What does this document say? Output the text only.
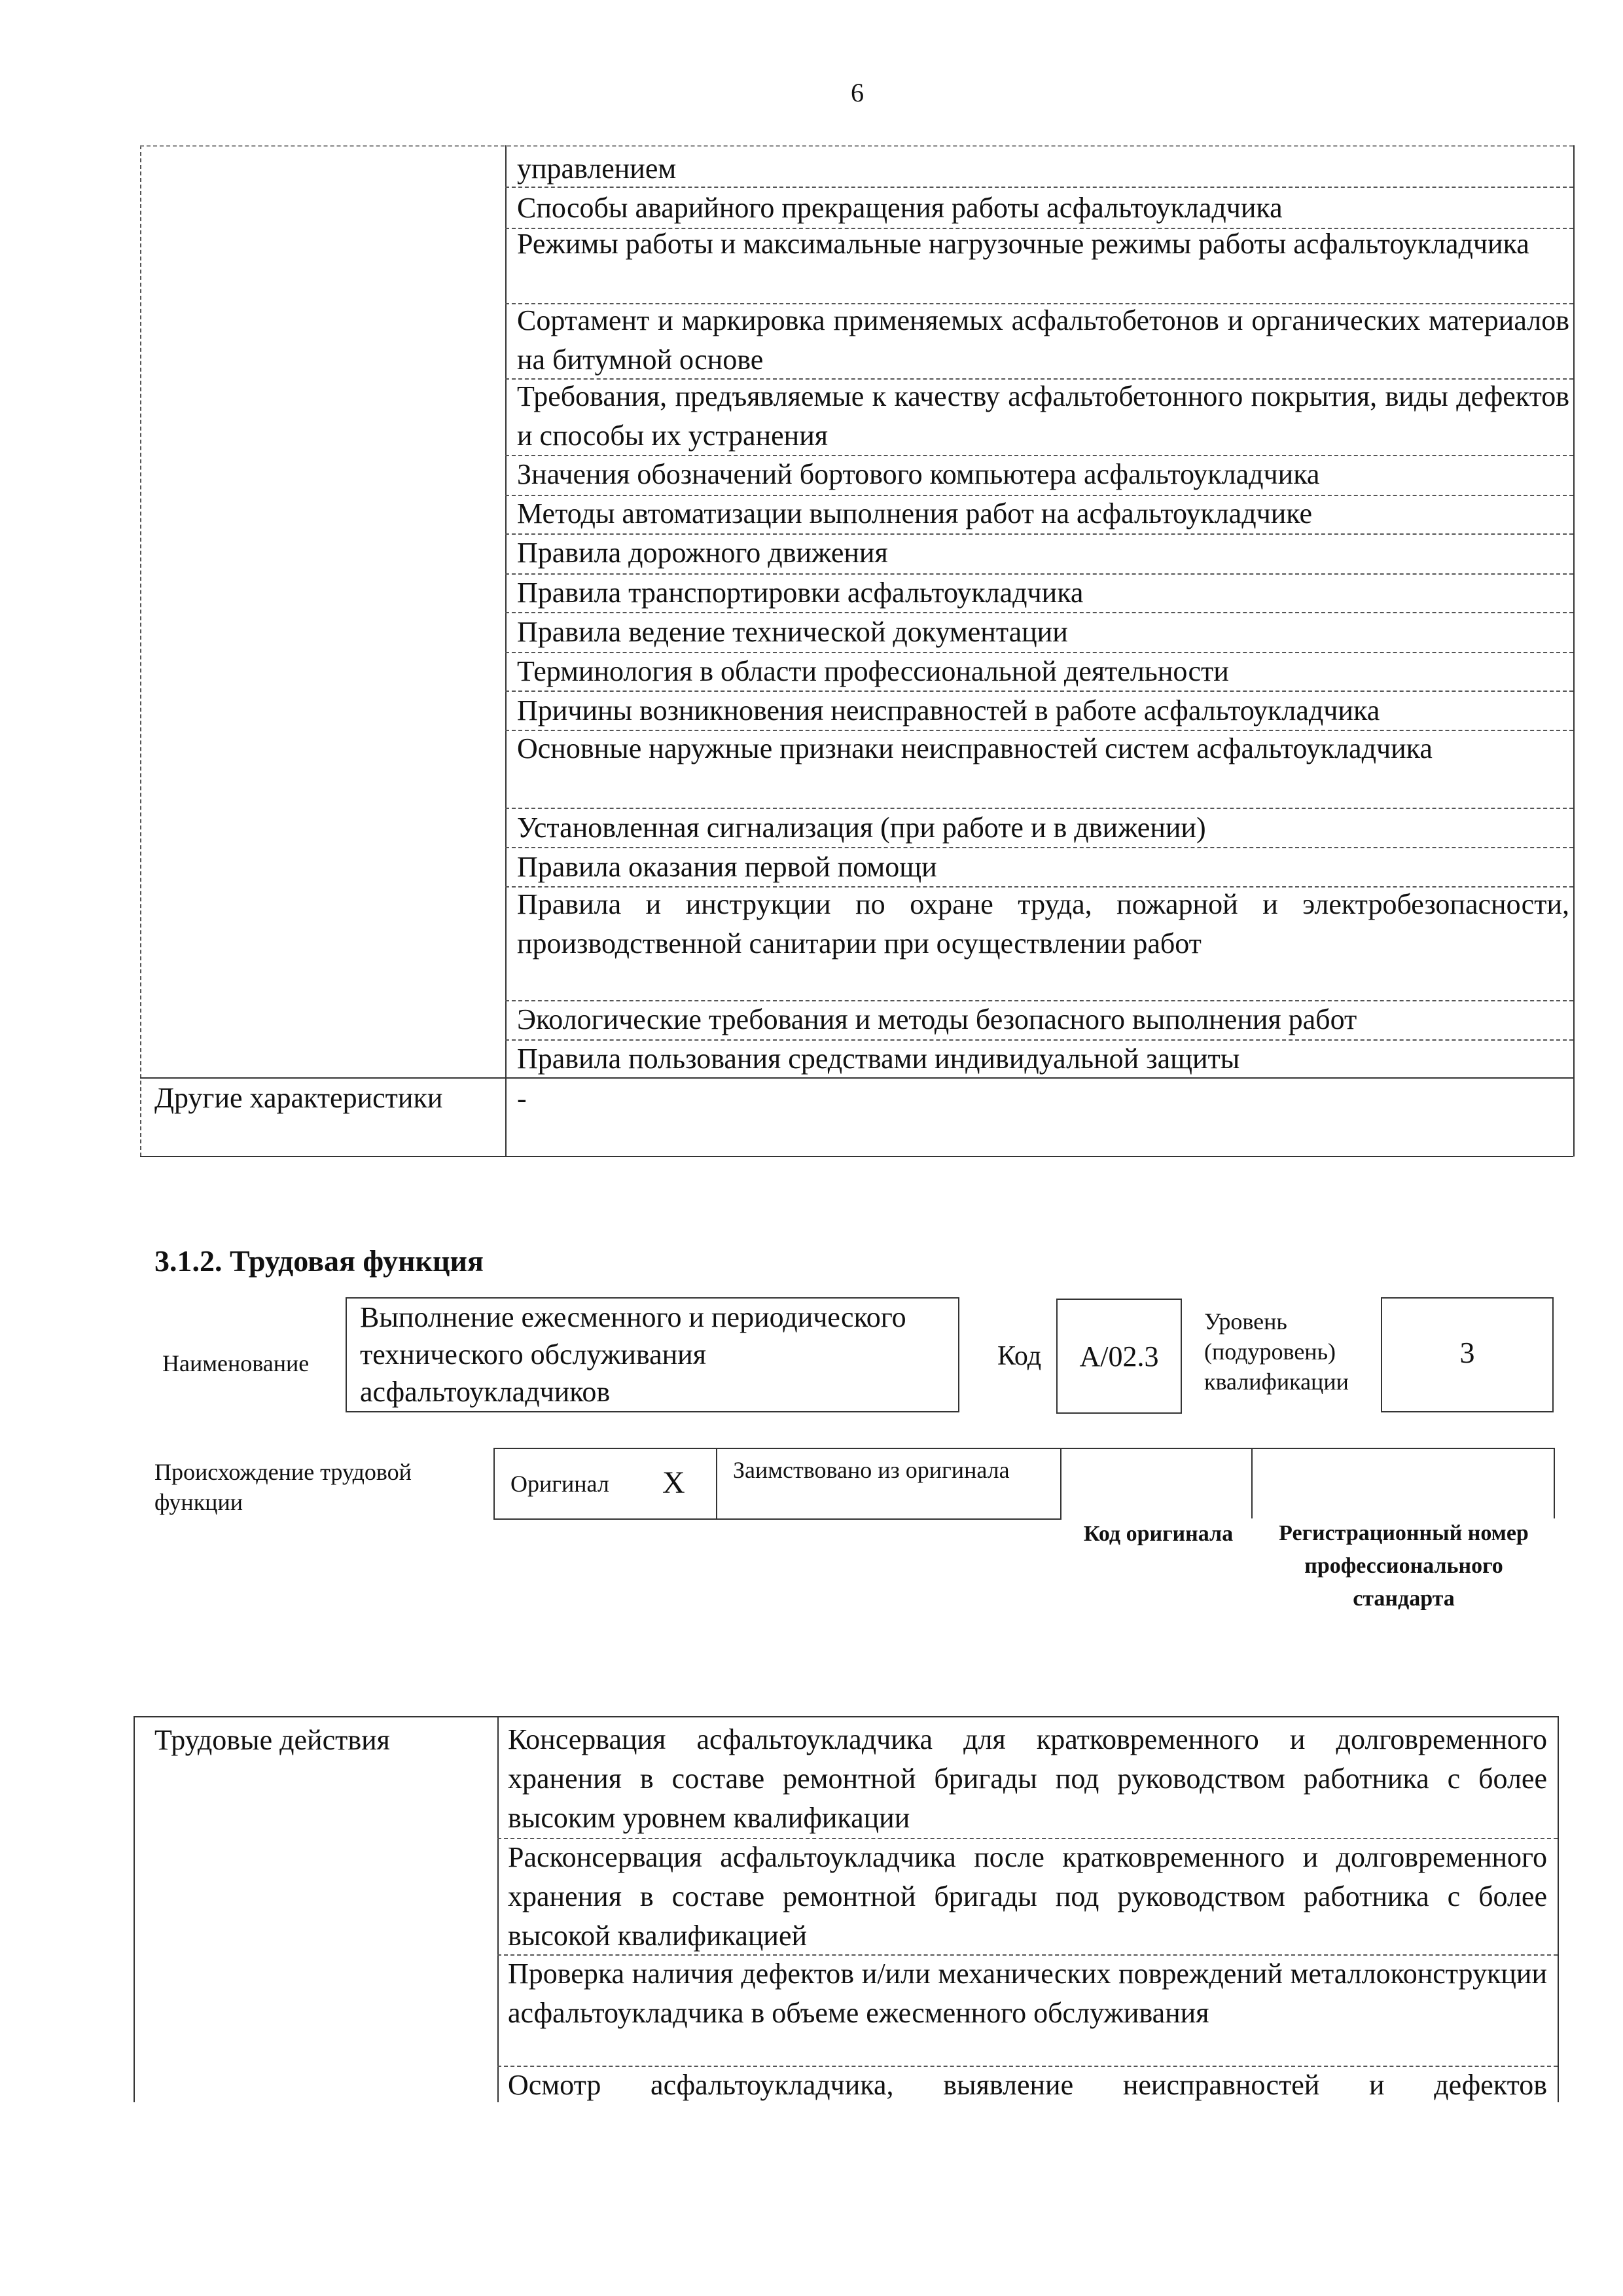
6
управлением
Способы аварийного прекращения работы асфальтоукладчика
Режимы работы и максимальные нагрузочные режимы работы асфальтоукладчика
Сортамент и маркировка применяемых асфальтобетонов и органических материалов на битумной основе
Требования, предъявляемые к качеству асфальтобетонного покрытия, виды дефектов и способы их устранения
Значения обозначений бортового компьютера асфальтоукладчика
Методы автоматизации выполнения работ на асфальтоукладчике
Правила дорожного движения
Правила транспортировки асфальтоукладчика
Правила ведение технической документации
Терминология в области профессиональной деятельности
Причины возникновения неисправностей в работе асфальтоукладчика
Основные наружные признаки неисправностей систем асфальтоукладчика
Установленная сигнализация (при работе и в движении)
Правила оказания первой помощи
Правила и инструкции по охране труда, пожарной и электробезопасности, производственной санитарии при осуществлении работ
Экологические требования и методы безопасного выполнения работ
Правила пользования средствами индивидуальной защиты
Другие характеристики	-
3.1.2. Трудовая функция
Наименование
Выполнение ежесменного и периодического технического обслуживания асфальтоукладчиков
Код	A/02.3
Уровень (подуровень) квалификации
3
Происхождение трудовой функции
Оригинал X Заимствовано из оригинала
Код оригинала	Регистрационный номер профессионального стандарта
Трудовые действия	Консервация асфальтоукладчика для кратковременного и долговременного хранения в составе ремонтной бригады под руководством работника с более высоким уровнем квалификации
Расконсервация асфальтоукладчика после кратковременного и долговременного хранения в составе ремонтной бригады под руководством работника с более высокой квалификацией
Проверка наличия дефектов и/или механических повреждений металлоконструкции асфальтоукладчика в объеме ежесменного обслуживания
Осмотр асфальтоукладчика, выявление неисправностей и дефектов
